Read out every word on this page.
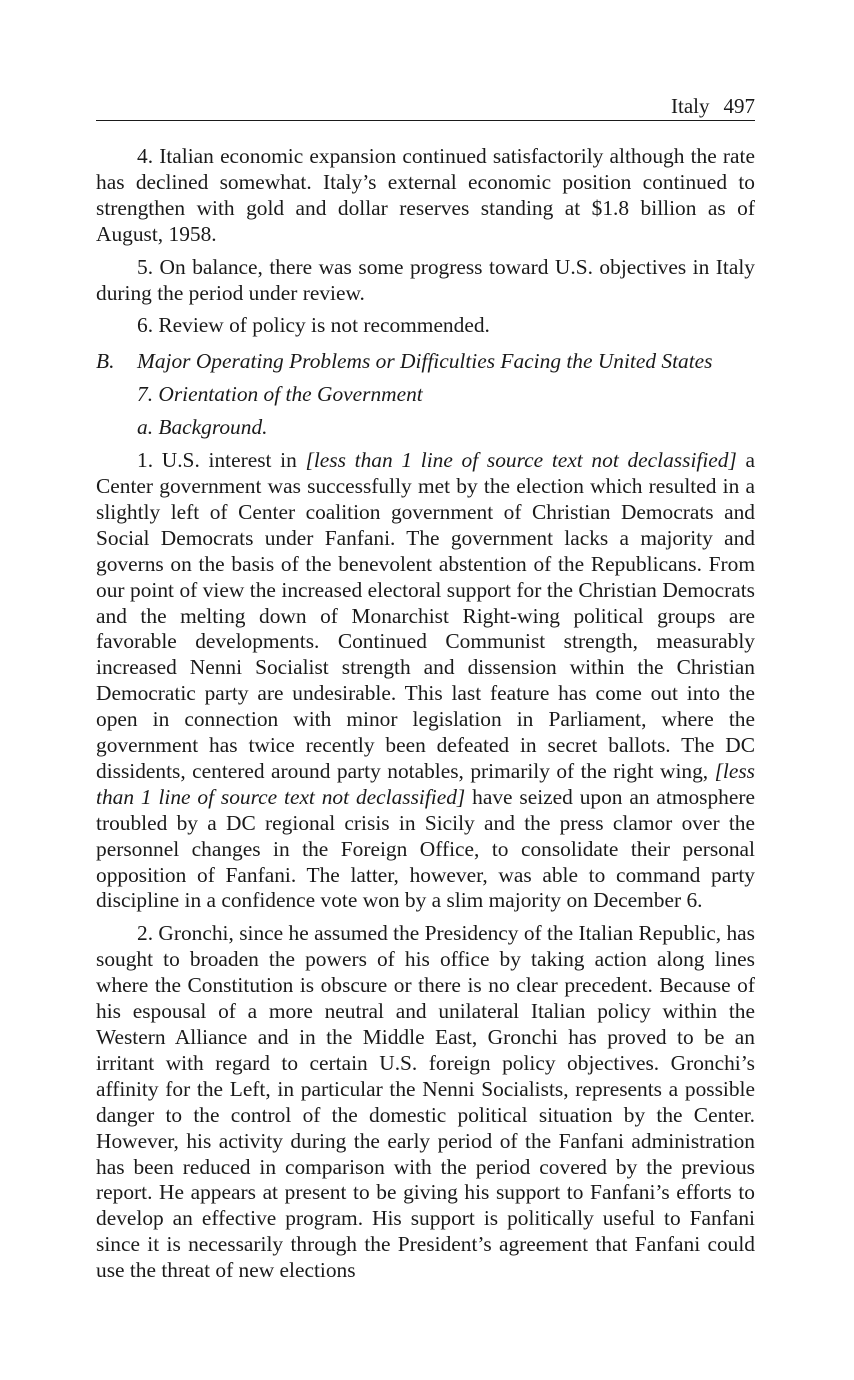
Italy 497

4. Italian economic expansion continued satisfactorily although the rate has declined somewhat. Italy’s external economic position continued to strengthen with gold and dollar reserves standing at $1.8 billion as of August, 1958.

5. On balance, there was some progress toward U.S. objectives in Italy during the period under review.

6. Review of policy is not recommended.

B.	Major Operating Problems or Difficulties Facing the United States
7. Orientation of the Government
a. Background.

1. U.S. interest in [less than 1 line of source text not declassified] a Center government was successfully met by the election which resulted in a slightly left of Center coalition government of Christian Democrats and Social Democrats under Fanfani. The government lacks a majority and governs on the basis of the benevolent abstention of the Republicans. From our point of view the increased electoral support for the Christian Democrats and the melting down of Monarchist Right-wing political groups are favorable developments. Continued Communist strength, measurably increased Nenni Socialist strength and dissension within the Christian Democratic party are undesirable. This last feature has come out into the open in connection with minor legislation in Parliament, where the government has twice recently been defeated in secret ballots. The DC dissidents, centered around party notables, primarily of the right wing, [less than 1 line of source text not declassified] have seized upon an atmosphere troubled by a DC regional crisis in Sicily and the press clamor over the personnel changes in the Foreign Office, to consolidate their personal opposition of Fanfani. The latter, however, was able to command party discipline in a confidence vote won by a slim majority on December 6.

2. Gronchi, since he assumed the Presidency of the Italian Republic, has sought to broaden the powers of his office by taking action along lines where the Constitution is obscure or there is no clear precedent. Because of his espousal of a more neutral and unilateral Italian policy within the Western Alliance and in the Middle East, Gronchi has proved to be an irritant with regard to certain U.S. foreign policy objectives. Gronchi’s affinity for the Left, in particular the Nenni Socialists, represents a possible danger to the control of the domestic political situation by the Center. However, his activity during the early period of the Fanfani administration has been reduced in comparison with the period covered by the previous report. He appears at present to be giving his support to Fanfani’s efforts to develop an effective program. His support is politically useful to Fanfani since it is necessarily through the President’s agreement that Fanfani could use the threat of new elections
